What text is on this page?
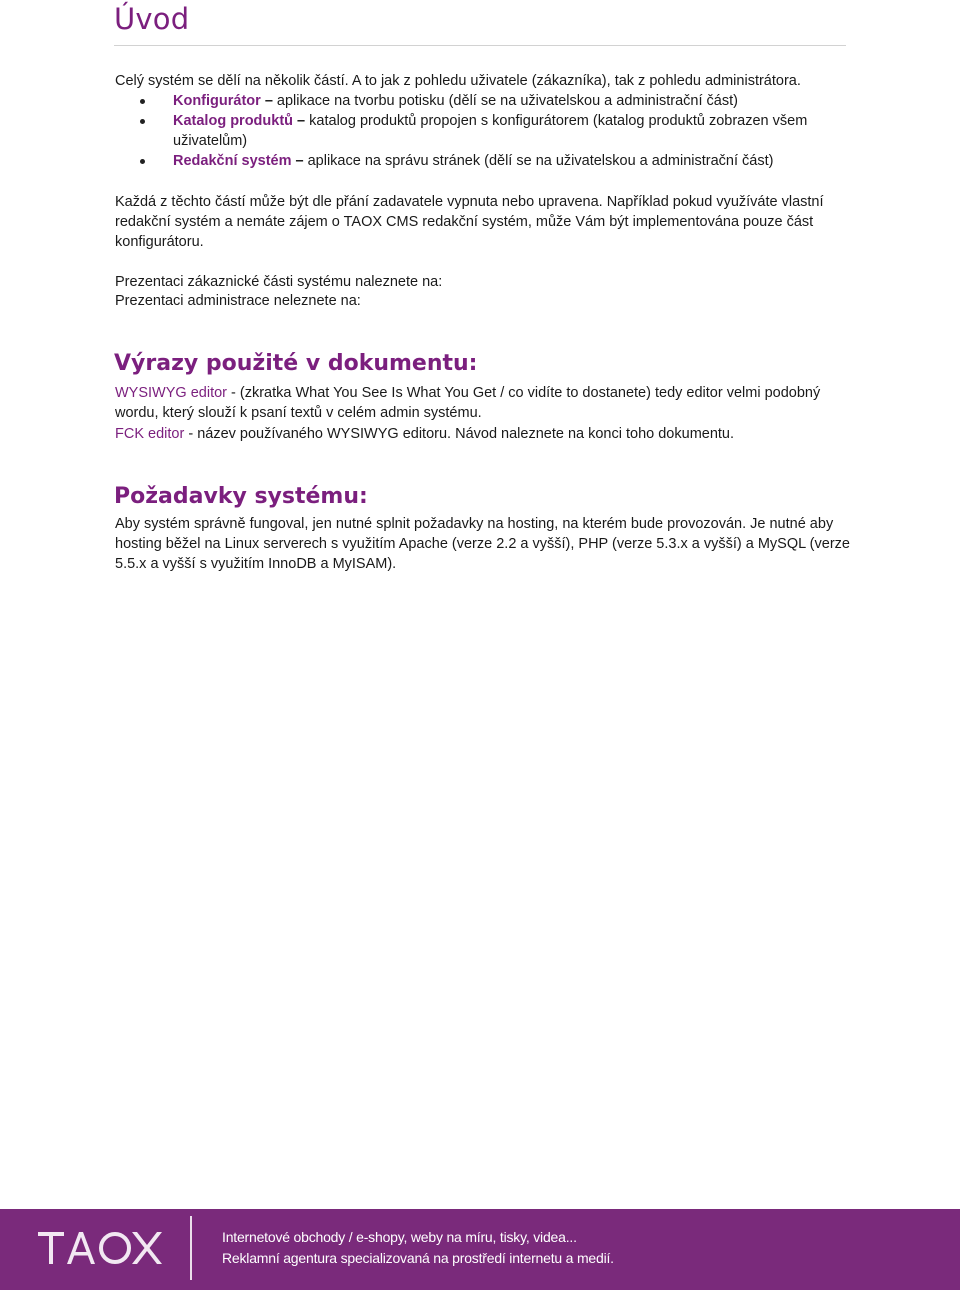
Úvod
Celý systém se dělí na několik částí. A to jak z pohledu uživatele (zákazníka), tak z pohledu administrátora.
Konfigurátor – aplikace na tvorbu potisku (dělí se na uživatelskou a administrační část)
Katalog produktů – katalog produktů propojen s konfigurátorem (katalog produktů zobrazen všem uživatelům)
Redakční systém – aplikace na správu stránek (dělí se na uživatelskou a administrační část)
Každá z těchto částí může být dle přání zadavatele vypnuta nebo upravena. Například pokud využíváte vlastní redakční systém a nemáte zájem o TAOX CMS redakční systém, může Vám být implementována pouze část konfigurátoru.
Prezentaci zákaznické části systému naleznete na:
Prezentaci administrace neleznete na:
Výrazy použité v dokumentu:
WYSIWYG editor - (zkratka What You See Is What You Get / co vidíte to dostanete) tedy editor velmi podobný wordu, který slouží k psaní textů v celém admin systému.
FCK editor - název používaného WYSIWYG editoru. Návod naleznete na konci toho dokumentu.
Požadavky systému:
Aby systém správně fungoval, jen nutné splnit požadavky na hosting, na kterém bude provozován. Je nutné aby hosting běžel na Linux serverech s využitím Apache (verze 2.2 a vyšší), PHP (verze 5.3.x a vyšší) a MySQL (verze 5.5.x a vyšší s využitím InnoDB a MyISAM).
Internetové obchody / e-shopy, weby na míru, tisky, videa...
Reklamní agentura specializovaná na prostředí internetu a medií.
